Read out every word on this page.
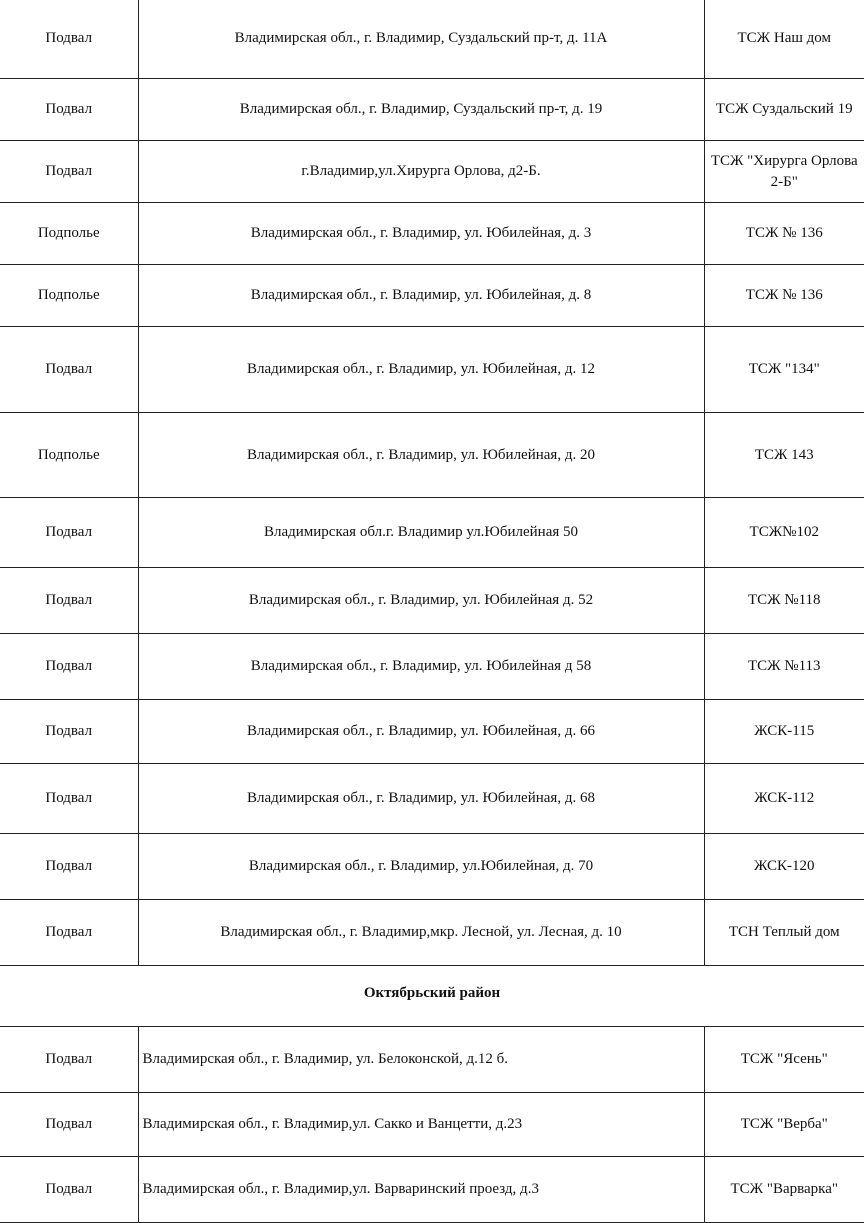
Подвал	Владимирская обл., г. Владимир, Суздальский пр-т, д. 11А	ТСЖ Наш дом
Подвал	Владимирская обл., г. Владимир, Суздальский пр-т, д. 19	ТСЖ Суздальский 19
Подвал	г.Владимир,ул.Хирурга Орлова, д2-Б.	ТСЖ "Хирурга Орлова 2-Б"
Подполье	Владимирская обл., г. Владимир, ул. Юбилейная, д. 3	ТСЖ № 136
Подполье	Владимирская обл., г. Владимир, ул. Юбилейная, д. 8	ТСЖ № 136
Подвал	Владимирская обл., г. Владимир, ул. Юбилейная, д. 12	ТСЖ "134"
Подполье	Владимирская обл., г. Владимир, ул. Юбилейная, д. 20	ТСЖ 143
Подвал	Владимирская обл.г. Владимир ул.Юбилейная 50	ТСЖ№102
Подвал	Владимирская обл., г. Владимир, ул. Юбилейная д. 52	ТСЖ №118
Подвал	Владимирская обл., г. Владимир, ул. Юбилейная д 58	ТСЖ №113
Подвал	Владимирская обл., г. Владимир, ул. Юбилейная, д. 66	ЖСК-115
Подвал	Владимирская обл., г. Владимир, ул. Юбилейная, д. 68	ЖСК-112
Подвал	Владимирская обл., г. Владимир, ул.Юбилейная, д. 70	ЖСК-120
Подвал	Владимирская обл., г. Владимир,мкр. Лесной, ул. Лесная, д. 10	ТСН Теплый дом
Октябрьский район
Подвал	Владимирская обл., г. Владимир, ул. Белоконской, д.12 б.	ТСЖ "Ясень"
Подвал	Владимирская обл., г. Владимир,ул. Сакко и Ванцетти, д.23	ТСЖ "Верба"
Подвал	Владимирская обл., г. Владимир,ул. Варваринский проезд, д.3	ТСЖ "Варварка"
